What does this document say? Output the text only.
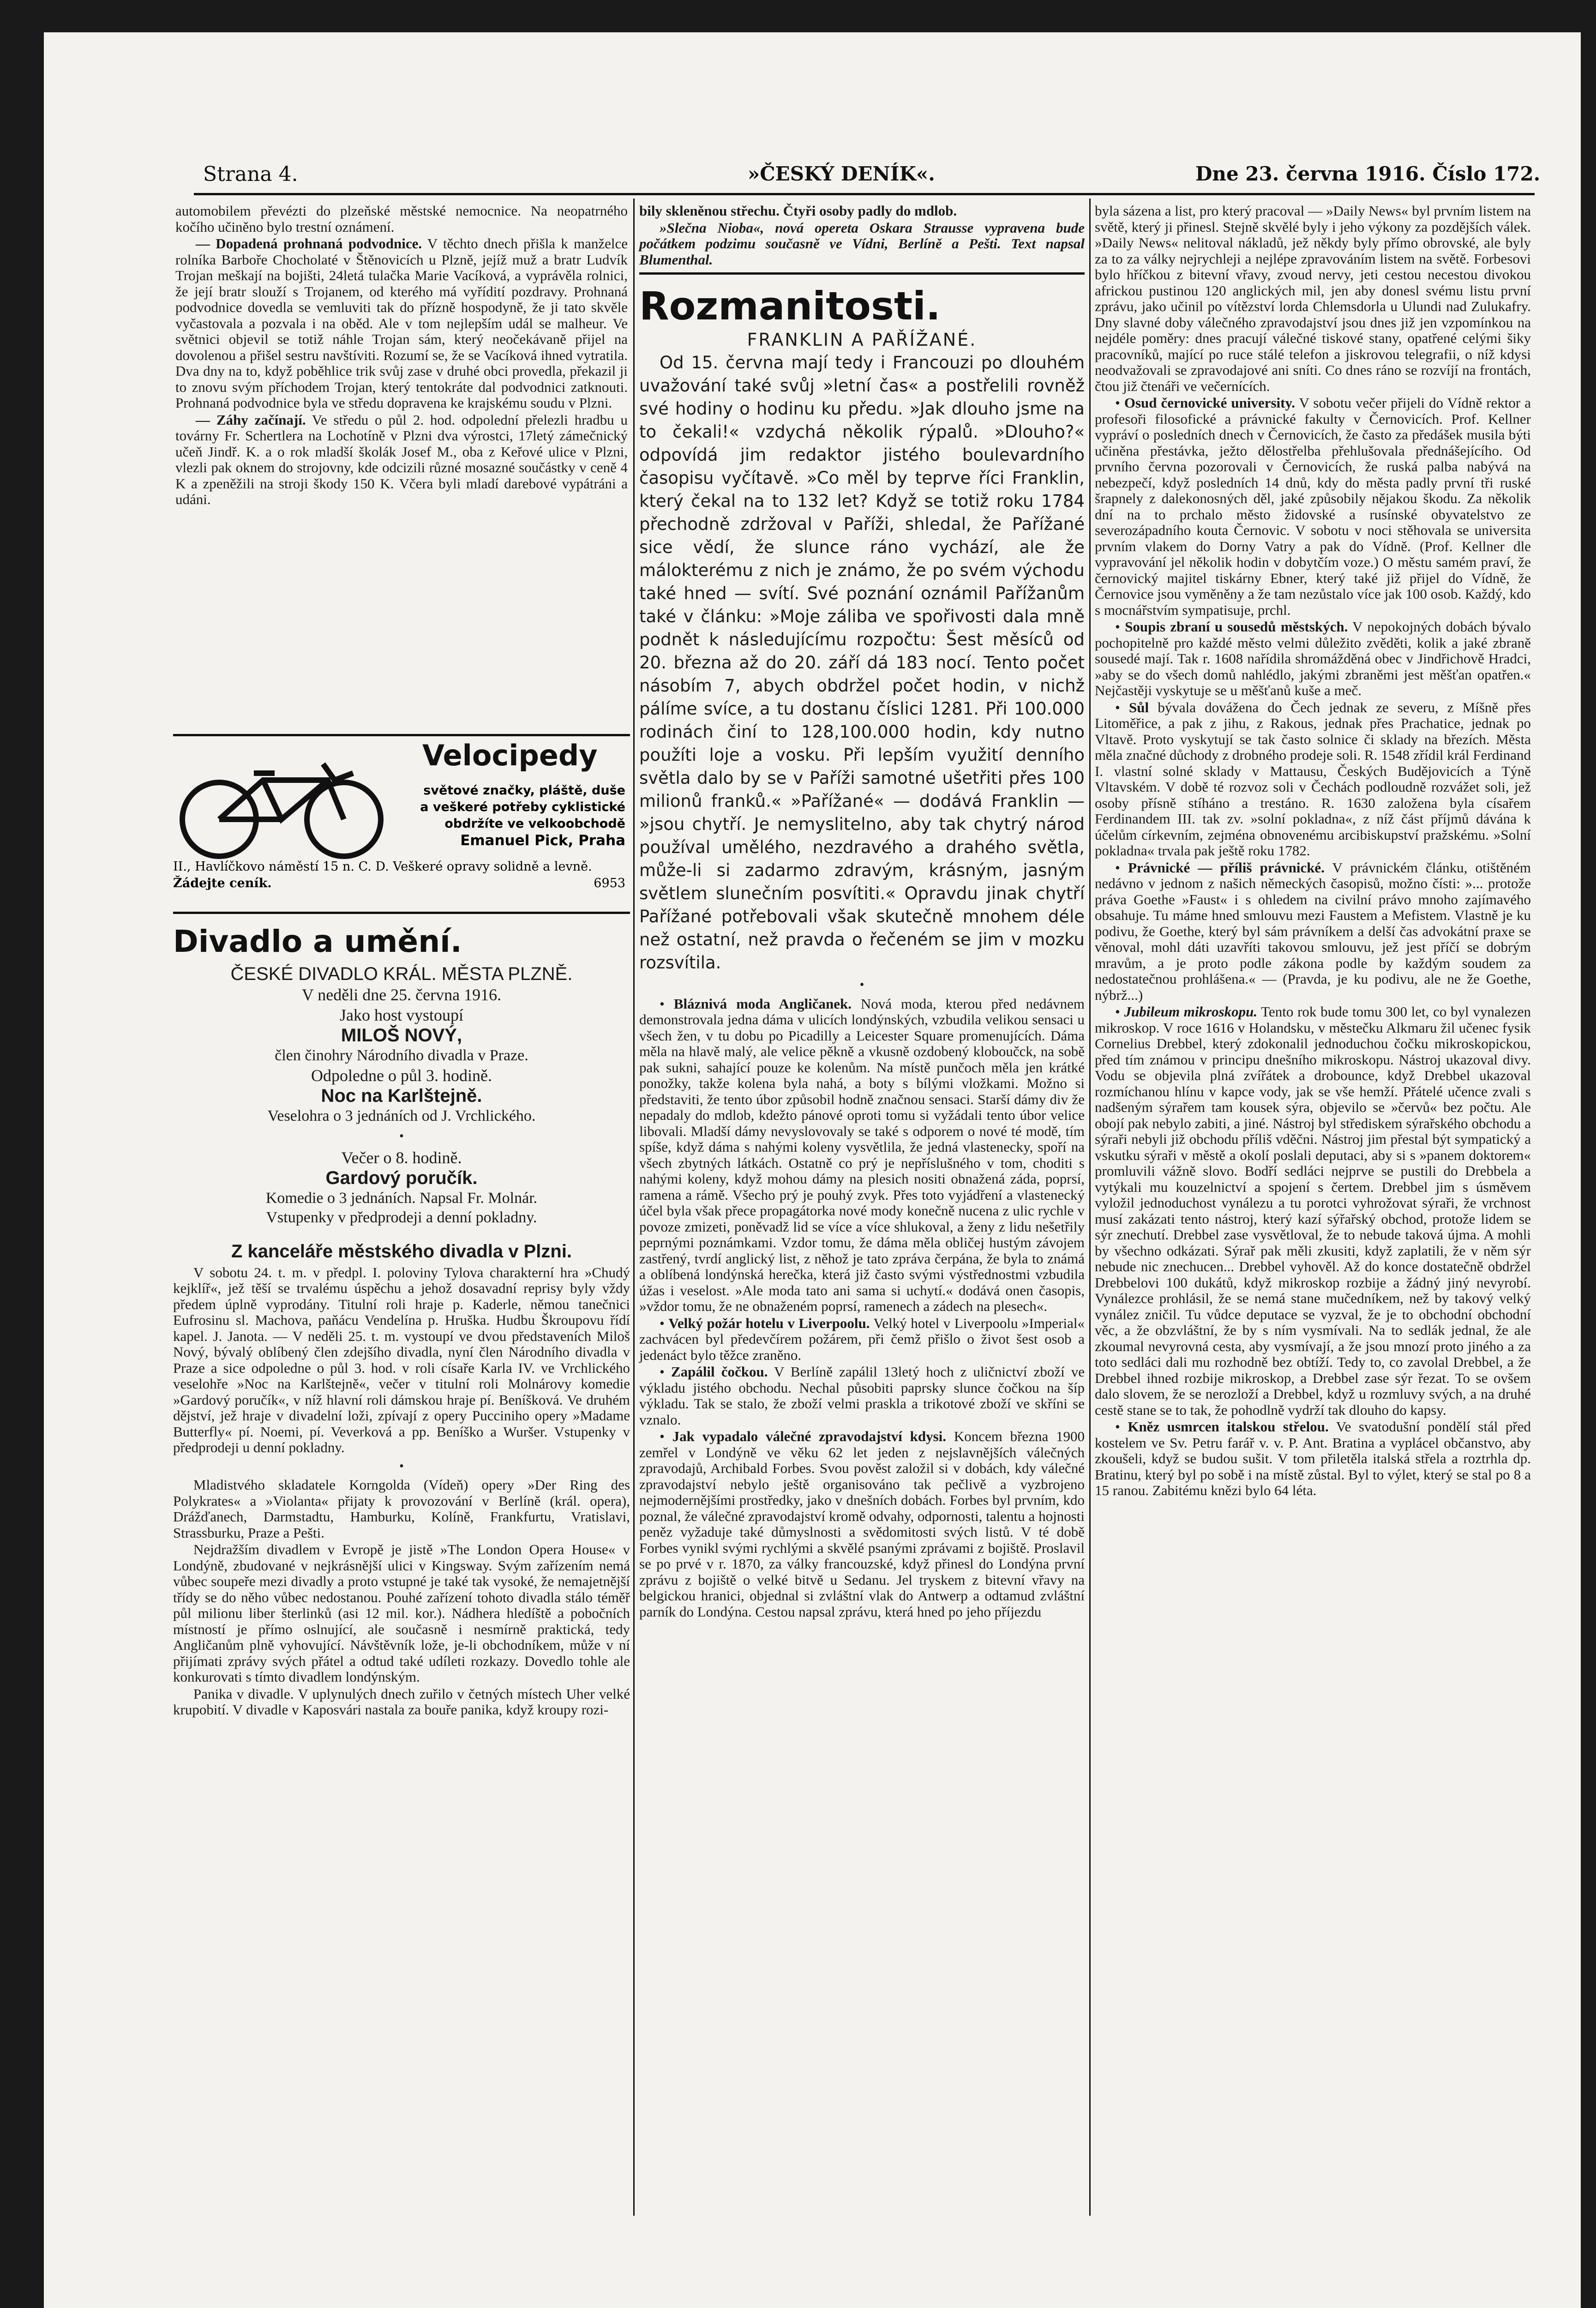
Strana 4.	»ČESKÝ DENÍK«.	Dne 23. června 1916. Číslo 172.

automobilem převézti do plzeňské městské nemocnice. Na neopatrného kočího učiněno bylo trestní oznámení.

— Dopadená prohnaná podvodnice. V těchto dnech přišla k manželce rolníka Barboře Chocholaté v Štěnovicích u Plzně, jejíž muž a bratr Ludvík Trojan meškají na bojišti, 24letá tulačka Marie Vacíková, a vyprávěla rolnici, že její bratr slouží s Trojanem, od kterého má vyřídití pozdravy. Prohnaná podvodnice dovedla se vemluviti tak do přízně hospodyně, že ji tato skvěle vyčastovala a pozvala i na oběd. Ale v tom nejlepším udál se malheur. Ve světnici objevil se totiž náhle Trojan sám, který neočekávaně přijel na dovolenou a přišel sestru navštíviti. Rozumí se, že se Vacíková ihned vytratila. Dva dny na to, když poběhlice trik svůj zase v druhé obci provedla, překazil ji to znovu svým příchodem Trojan, který tentokráte dal podvodnici zatknouti. Prohnaná podvodnice byla ve středu dopravena ke krajskému soudu v Plzni.

— Záhy začínají. Ve středu o půl 2. hod. odpolední přelezli hradbu u továrny Fr. Schertlera na Lochotíně v Plzni dva výrostci, 17letý zámečnický učeň Jindř. K. a o rok mladší školák Josef M., oba z Keřové ulice v Plzni, vlezli pak oknem do strojovny, kde odcizili různé mosazné součástky v ceně 4 K a zpeněžili na stroji škody 150 K. Včera byli mladí darebové vypátráni a udáni.

Velocipedy
světové značky, pláště, duše
a veškeré potřeby cyklistické
obdržíte ve velkoobchodě
Emanuel Pick, Praha
II., Havlíčkovo náměstí 15 n. C. D. Veškeré opravy solidně a levně. Žádejte ceník.	6953
Divadlo a umění.
ČESKÉ DIVADLO KRÁL. MĚSTA PLZNĚ.
V neděli dne 25. června 1916.
Jako host vystoupí
MILOŠ NOVÝ,
člen činohry Národního divadla v Praze.
Odpoledne o půl 3. hodině.
Noc na Karlštejně.
Veselohra o 3 jednáních od J. Vrchlického.
•
Večer o 8. hodině.
Gardový poručík.
Komedie o 3 jednáních. Napsal Fr. Molnár.
Vstupenky v předprodeji a denní pokladny.
Z kanceláře městského divadla v Plzni.

V sobotu 24. t. m. v předpl. I. poloviny Tylova charakterní hra »Chudý kejklíř«, jež těší se trvalému úspěchu a jehož dosavadní reprisy byly vždy předem úplně vyprodány. Titulní roli hraje p. Kaderle, němou tanečnici Eufrosinu sl. Machova, paňácu Vendelína p. Hruška. Hudbu Škroupovu řídí kapel. J. Janota. — V neděli 25. t. m. vystoupí ve dvou představeních Miloš Nový, bývalý oblíbený člen zdejšího divadla, nyní člen Národního divadla v Praze a sice odpoledne o půl 3. hod. v roli císaře Karla IV. ve Vrchlického veselohře »Noc na Karlštejně«, večer v titulní roli Molnárovy komedie »Gardový poručík«, v níž hlavní roli dámskou hraje pí. Beníšková. Ve druhém dějství, jež hraje v divadelní loži, zpívají z opery Pucciniho opery »Madame Butterfly« pí. Noemi, pí. Veverková a pp. Beníško a Wuršer. Vstupenky v předprodeji u denní pokladny.

•

Mladistvého skladatele Korngolda (Vídeň) opery »Der Ring des Polykrates« a »Violanta« přijaty k provozování v Berlíně (král. opera), Drážďanech, Darmstadtu, Hamburku, Kolíně, Frankfurtu, Vratislavi, Strassburku, Praze a Pešti.

Nejdražším divadlem v Evropě je jistě »The London Opera House« v Londýně, zbudované v nejkrásnější ulici v Kingsway. Svým zařízením nemá vůbec soupeře mezi divadly a proto vstupné je také tak vysoké, že nemajetnější třídy se do něho vůbec nedostanou. Pouhé zařízení tohoto divadla stálo téměř půl milionu liber šterlinků (asi 12 mil. kor.). Nádhera hledíště a pobočních místností je přímo oslnující, ale současně i nesmírně praktická, tedy Angličanům plně vyhovující. Návštěvník lože, je-li obchodníkem, může v ní přijímati zprávy svých přátel a odtud také udíleti rozkazy. Dovedlo tohle ale konkurovati s tímto divadlem londýnským.

Panika v divadle. V uplynulých dnech zuřilo v četných místech Uher velké krupobití. V divadle v Kaposvári nastala za bouře panika, když kroupy rozi-

bily skleněnou střechu. Čtyři osoby padly do mdlob.

»Slečna Nioba«, nová opereta Oskara Strausse vypravena bude počátkem podzimu současně ve Vídni, Berlíně a Pešti. Text napsal Blumenthal.

Rozmanitosti.
FRANKLIN A PAŘÍŽANÉ.

Od 15. června mají tedy i Francouzi po dlouhém uvažování také svůj »letní čas« a postřelili rovněž své hodiny o hodinu ku předu. »Jak dlouho jsme na to čekali!« vzdychá několik rýpalů. »Dlouho?« odpovídá jim redaktor jistého boulevardního časopisu vyčítavě. »Co měl by teprve říci Franklin, který čekal na to 132 let? Když se totiž roku 1784 přechodně zdržoval v Paříži, shledal, že Pařížané sice vědí, že slunce ráno vychází, ale že málokterému z nich je známo, že po svém východu také hned — svítí. Své poznání oznámil Pařížanům také v článku: »Moje záliba ve spořivosti dala mně podnět k následujícímu rozpočtu: Šest měsíců od 20. března až do 20. září dá 183 nocí. Tento počet násobím 7, abych obdržel počet hodin, v nichž pálíme svíce, a tu dostanu číslici 1281. Při 100.000 rodinách činí to 128,100.000 hodin, kdy nutno použíti loje a vosku. Při lepším využití denního světla dalo by se v Paříži samotné ušetřiti přes 100 milionů franků.« »Pařížané« — dodává Franklin — »jsou chytří. Je nemyslitelno, aby tak chytrý národ používal umělého, nezdravého a drahého světla, může-li si zadarmo zdravým, krásným, jasným světlem slunečním posvítiti.« Opravdu jinak chytří Pařížané potřebovali však skutečně mnohem déle než ostatní, než pravda o řečeném se jim v mozku rozsvítila.

•

• Bláznivá moda Angličanek. Nová moda, kterou před nedávnem demonstrovala jedna dáma v ulicích londýnských, vzbudila velikou sensaci u všech žen, v tu dobu po Picadilly a Leicester Square promenujících. Dáma měla na hlavě malý, ale velice pěkně a vkusně ozdobený kloboučck, na sobě pak sukni, sahající pouze ke kolenům. Na místě punčoch měla jen krátké ponožky, takže kolena byla nahá, a boty s bílými vložkami. Možno si představiti, že tento úbor způsobil hodně značnou sensaci. Starší dámy div že nepadaly do mdlob, kdežto pánové oproti tomu si vyžádali tento úbor velice libovali. Mladší dámy nevyslovovaly se také s odporem o nové té modě, tím spíše, když dáma s nahými koleny vysvětlila, že jedná vlastenecky, spoří na všech zbytných látkách. Ostatně co prý je nepříslušného v tom, choditi s nahými koleny, když mohou dámy na plesich nositi obnažená záda, poprsí, ramena a rámě. Všecho prý je pouhý zvyk. Přes toto vyjádření a vlastenecký účel byla však přece propagátorka nové mody konečně nucena z ulic rychle v povoze zmizeti, poněvadž lid se více a více shlukoval, a ženy z lidu nešetřily peprnými poznámkami. Vzdor tomu, že dáma měla obličej hustým závojem zastřený, tvrdí anglický list, z něhož je tato zpráva čerpána, že byla to známá a oblíbená londýnská herečka, která již často svými výstřednostmi vzbudila úžas i veselost. »Ale moda tato ani sama si uchytí.« dodává onen časopis, »vždor tomu, že ne obnaženém poprsí, ramenech a zádech na plesech«.

• Velký požár hotelu v Liverpoolu. Velký hotel v Liverpoolu »Imperial« zachvácen byl předevčírem požárem, při čemž přišlo o život šest osob a jedenáct bylo těžce zraněno.

• Zapálil čočkou. V Berlíně zapálil 13letý hoch z uličnictví zboží ve výkladu jistého obchodu. Nechal působiti paprsky slunce čočkou na šíp výkladu. Tak se stalo, že zboží velmi praskla a trikotové zboží ve skříni se vznalo.

• Jak vypadalo válečné zpravodajství kdysi. Koncem března 1900 zemřel v Londýně ve věku 62 let jeden z nejslavnějších válečných zpravodajů, Archibald Forbes. Svou pověst založil si v dobách, kdy válečné zpravodajství nebylo ještě organisováno tak pečlivě a vyzbrojeno nejmodernějšími prostředky, jako v dnešních dobách. Forbes byl prvním, kdo poznal, že válečné zpravodajství kromě odvahy, odpornosti, talentu a hojnosti peněz vyžaduje také důmyslnosti a svědomitosti svých listů. V té době Forbes vynikl svými rychlými a skvělé psanými zprávami z bojiště. Proslavil se po prvé v r. 1870, za války francouzské, když přinesl do Londýna první zprávu z bojiště o velké bitvě u Sedanu. Jel tryskem z bitevní vřavy na belgickou hranici, objednal si zvláštní vlak do Antwerp a odtamud zvláštní parník do Londýna. Cestou napsal zprávu, která hned po jeho příjezdu

byla sázena a list, pro který pracoval — »Daily News« byl prvním listem na světě, který ji přinesl. Stejně skvělé byly i jeho výkony za pozdějších válek. »Daily News« nelitoval nákladů, jež někdy byly přímo obrovské, ale byly za to za války nejrychleji a nejlépe zpravováním listem na světě. Forbesovi bylo hříčkou z bitevní vřavy, zvoud nervy, jeti cestou necestou divokou africkou pustinou 120 anglických mil, jen aby donesl svému listu první zprávu, jako učinil po vítězství lorda Chlemsdorla u Ulundi nad Zulukafry. Dny slavné doby válečného zpravodajství jsou dnes již jen vzpomínkou na nejdéle poměry: dnes pracují válečné tiskové stany, opatřené celými šiky pracovníků, mající po ruce stálé telefon a jiskrovou telegrafii, o níž kdysi neodvažovali se zpravodajové ani sníti. Co dnes ráno se rozvíjí na frontách, čtou již čtenáři ve večernících.

• Osud černovické university. V sobotu večer přijeli do Vídně rektor a profesoři filosofické a právnické fakulty v Černovicích. Prof. Kellner vypráví o posledních dnech v Černovicích, že často za předášek musila býti učiněna přestávka, ježto dělostřelba přehlušovala přednášejícího. Od prvního června pozorovali v Černovicích, že ruská palba nabývá na nebezpečí, když posledních 14 dnů, kdy do města padly první tři ruské šrapnely z dalekonosných děl, jaké způsobily nějakou škodu. Za několik dní na to prchalo město židovské a rusínské obyvatelstvo ze severozápadního kouta Černovic. V sobotu v noci stěhovala se universita prvním vlakem do Dorny Vatry a pak do Vídně. (Prof. Kellner dle vypravování jel několik hodin v dobytčím voze.) O městu samém praví, že černovický majitel tiskárny Ebner, který také již přijel do Vídně, že Černovice jsou vyměněny a že tam nezůstalo více jak 100 osob. Každý, kdo s mocnářstvím sympatisuje, prchl.

• Soupis zbraní u sousedů městských. V nepokojných dobách bývalo pochopitelně pro každé město velmi důležito zvěděti, kolik a jaké zbraně sousedé mají. Tak r. 1608 nařídila shromážděná obec v Jindřichově Hradci, »aby se do všech domů nahlédlo, jakými zbraněmi jest měšťan opatřen.« Nejčastěji vyskytuje se u měšťanů kuše a meč.

• Sůl bývala dovážena do Čech jednak ze severu, z Míšně přes Litoměřice, a pak z jihu, z Rakous, jednak přes Prachatice, jednak po Vltavě. Proto vyskytují se tak často solnice či sklady na březích. Města měla značné důchody z drobného prodeje soli. R. 1548 zřídil král Ferdinand I. vlastní solné sklady v Mattausu, Českých Budějovicích a Týně Vltavském. V době té rozvoz soli v Čechách podloudně rozvážet soli, jež osoby přísně stíháno a trestáno. R. 1630 založena byla císařem Ferdinandem III. tak zv. »solní pokladna«, z níž část příjmů dávána k účelům církevním, zejména obnovenému arcibiskupství pražskému. »Solní pokladna« trvala pak ještě roku 1782.

• Právnické — příliš právnické. V právnickém článku, otištěném nedávno v jednom z našich německých časopisů, možno čísti: »... protože práva Goethe »Faust« i s ohledem na civilní právo mnoho zajímavého obsahuje. Tu máme hned smlouvu mezi Faustem a Mefistem. Vlastně je ku podivu, že Goethe, který byl sám právníkem a delší čas advokátní praxe se věnoval, mohl dáti uzavříti takovou smlouvu, jež jest příčí se dobrým mravům, a je proto podle zákona podle by každým soudem za nedostatečnou prohlášena.« — (Pravda, je ku podivu, ale ne že Goethe, nýbrž...)

• Jubileum mikroskopu. Tento rok bude tomu 300 let, co byl vynalezen mikroskop. V roce 1616 v Holandsku, v městečku Alkmaru žil učenec fysik Cornelius Drebbel, který zdokonalil jednoduchou čočku mikroskopickou, před tím známou v principu dnešního mikroskopu. Nástroj ukazoval divy. Vodu se objevila plná zvířátek a drobounce, když Drebbel ukazoval rozmíchanou hlínu v kapce vody, jak se vše hemží. Přátelé učence zvali s nadšeným sýrařem tam kousek sýra, objevilo se »červů« bez počtu. Ale obojí pak nebylo zabiti, a jiné. Nástroj byl střediskem sýrařského obchodu a sýraři nebyli již obchodu příliš vděčni. Nástroj jim přestal být sympatický a vskutku sýraři v městě a okolí poslali deputaci, aby si s »panem doktorem« promluvili vážně slovo. Bodří sedláci nejprve se pustili do Drebbela a vytýkali mu kouzelnictví a spojení s čertem. Drebbel jim s úsměvem vyložil jednoduchost vynálezu a tu porotci vyhrožovat sýraři, že vrchnost musí zakázati tento nástroj, který kazí sýřařský obchod, protože lidem se sýr znechutí. Drebbel zase vysvětloval, že to nebude taková újma. A mohli by všechno odkázati. Sýrař pak měli zkusiti, když zaplatili, že v něm sýr nebude nic znechucen... Drebbel vyhověl. Až do konce dostatečně obdržel Drebbelovi 100 dukátů, když mikroskop rozbije a žádný jiný nevyrobí. Vynálezce prohlásil, že se nemá stane mučedníkem, než by takový velký vynález zničil. Tu vůdce deputace se vyzval, že je to obchodní obchodní věc, a že obzvláštní, že by s ním vysmívali. Na to sedlák jednal, že ale zkoumal nevyrovná cesta, aby vysmívají, a že jsou mnozí proto jiného a za toto sedláci dali mu rozhodně bez obtíží. Tedy to, co zavolal Drebbel, a že Drebbel ihned rozbije mikroskop, a Drebbel zase sýr řezat. To se ovšem dalo slovem, že se nerozloží a Drebbel, když u rozmluvy svých, a na druhé cestě stane se to tak, že pohodlně vydrží tak dlouho do kapsy.

• Kněz usmrcen italskou střelou. Ve svatodušní pondělí stál před kostelem ve Sv. Petru farář v. v. P. Ant. Bratina a vyplácel občanstvo, aby zkoušeli, když se budou sušit. V tom přiletěla italská střela a roztrhla dp. Bratinu, který byl po sobě i na místě zůstal. Byl to výlet, který se stal po 8 a 15 ranou. Zabitému knězi bylo 64 léta.
